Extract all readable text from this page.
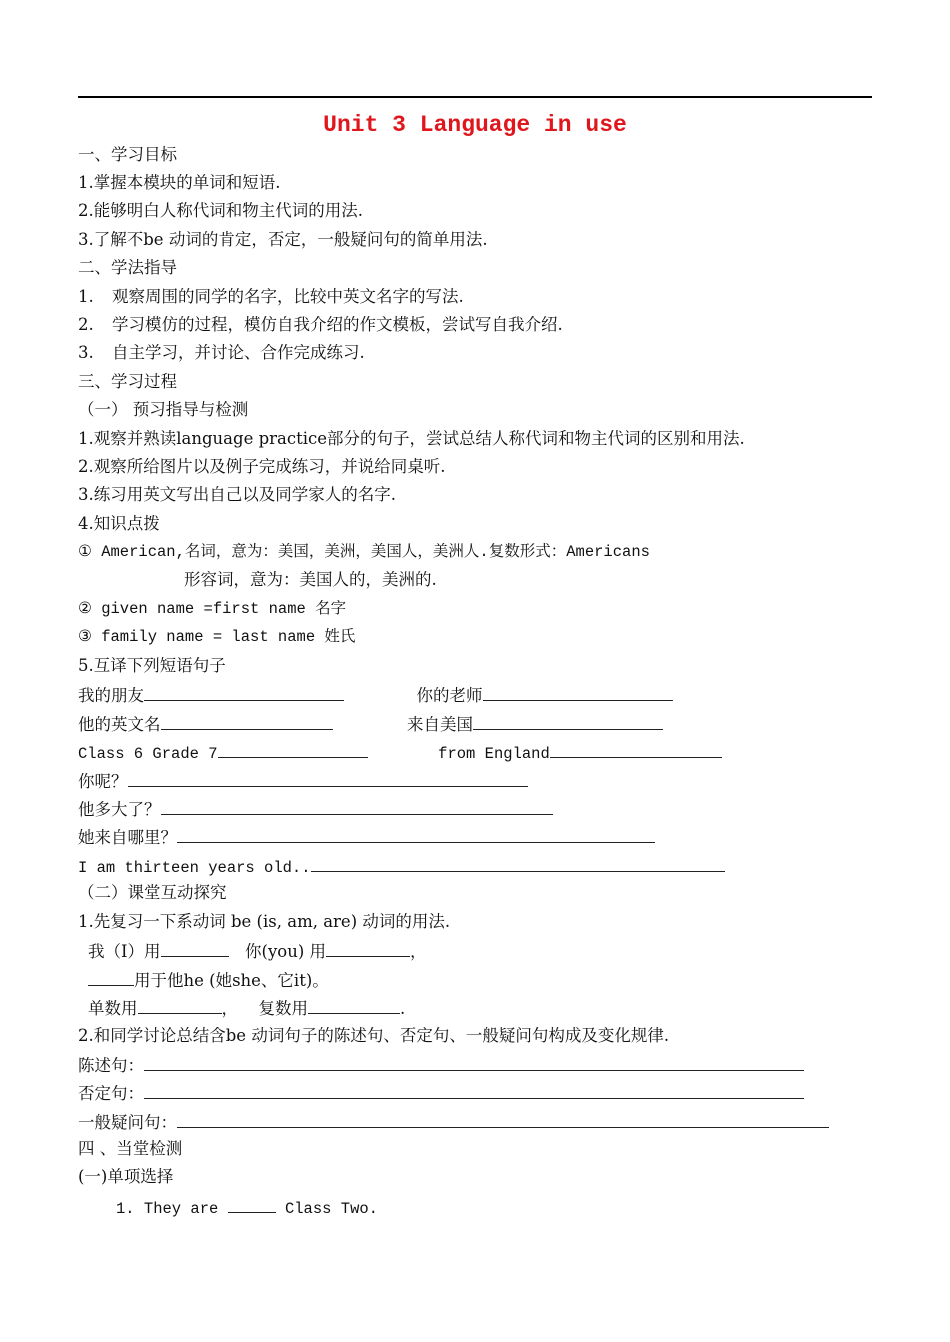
Unit 3 Language in use
一、学习目标
1.掌握本模块的单词和短语.
2.能够明白人称代词和物主代词的用法.
3.了解不be 动词的肯定，否定，一般疑问句的简单用法.
二、学法指导
1. 观察周围的同学的名字，比较中英文名字的写法.
2. 学习模仿的过程，模仿自我介绍的作文模板，尝试写自我介绍.
3. 自主学习，并讨论、合作完成练习.
三、学习过程
（一） 预习指导与检测
1.观察并熟读language practice部分的句子，尝试总结人称代词和物主代词的区别和用法.
2.观察所给图片以及例子完成练习，并说给同桌听.
3.练习用英文写出自己以及同学家人的名字.
4.知识点拨
① American,名词，意为：美国，美洲，美国人，美洲人.复数形式：Americans
形容词，意为：美国人的，美洲的.
② given name =first name 名字
③ family name = last name 姓氏
5.互译下列短语句子
我的朋友	你的老师
他的英文名	来自美国
Class 6 Grade 7	from England
你呢？
他多大了？
她来自哪里？
I am thirteen years old..
（二）课堂互动探究
1.先复习一下系动词 be (is, am, are) 动词的用法.
我（I）用	你(you) 用	，
用于他he (她she、它it)。
单数用	， 复数用	.
2.和同学讨论总结含be 动词句子的陈述句、否定句、一般疑问句构成及变化规律.
陈述句：
否定句：
一般疑问句：
四 、当堂检测
(一)单项选择
1. They are	Class Two.
